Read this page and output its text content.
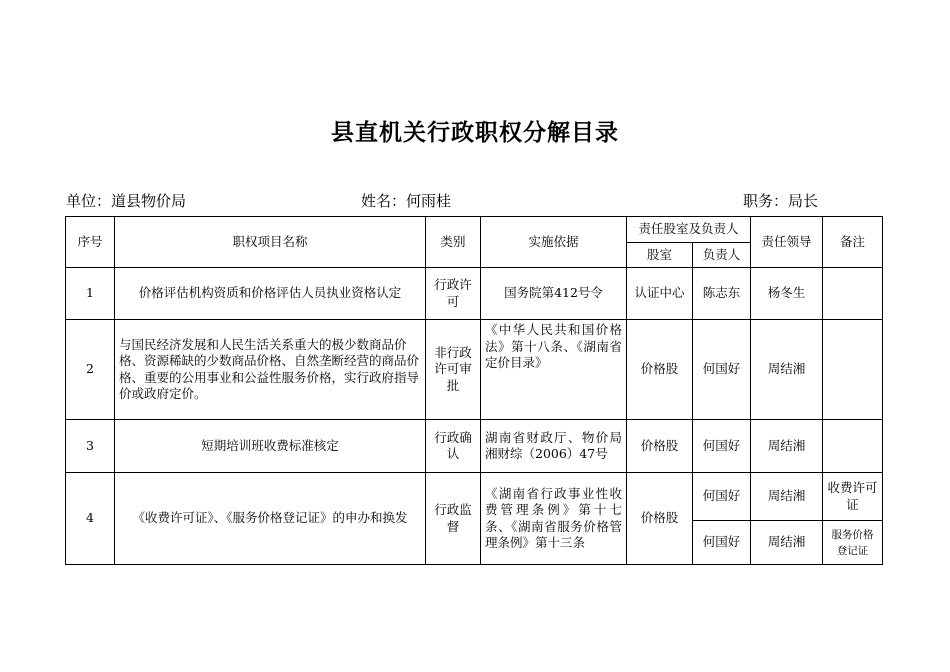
县直机关行政职权分解目录
单位：道县物价局	姓名：何雨桂	职务：局长
序号	职权项目名称	类别	实施依据	责任股室及负责人		责任领导	备注
				股室	负责人		
1	价格评估机构资质和价格评估人员执业资格认定	行政许可	国务院第412号令	认证中心	陈志东	杨冬生	
2	与国民经济发展和人民生活关系重大的极少数商品价格、资源稀缺的少数商品价格、自然垄断经营的商品价格、重要的公用事业和公益性服务价格，实行政府指导价或政府定价。	非行政许可审批	《中华人民共和国价格法》第十八条、《湖南省定价目录》	价格股	何国好	周结湘	
3	短期培训班收费标准核定	行政确认	湖南省财政厅、物价局湘财综（2006）47号	价格股	何国好	周结湘	
4	《收费许可证》、《服务价格登记证》的申办和换发	行政监督	《湖南省行政事业性收费管理条例》第十七条、《湖南省服务价格管理条例》第十三条	价格股	何国好	周结湘	收费许可证
					何国好	周结湘	服务价格登记证
